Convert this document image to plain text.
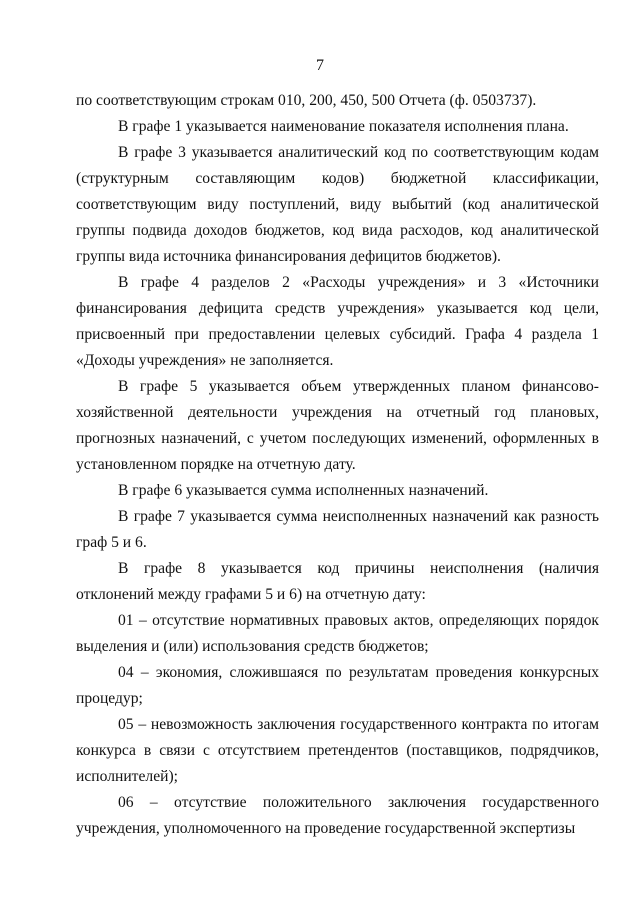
7

по соответствующим строкам 010, 200, 450, 500 Отчета (ф. 0503737).

В графе 1 указывается наименование показателя исполнения плана.

В графе 3 указывается аналитический код по соответствующим кодам (структурным составляющим кодов) бюджетной классификации, соответствующим виду поступлений, виду выбытий (код аналитической группы подвида доходов бюджетов, код вида расходов, код аналитической группы вида источника финансирования дефицитов бюджетов).

В графе 4 разделов 2 «Расходы учреждения» и 3 «Источники финансирования дефицита средств учреждения» указывается код цели, присвоенный при предоставлении целевых субсидий. Графа 4 раздела 1 «Доходы учреждения» не заполняется.

В графе 5 указывается объем утвержденных планом финансово-хозяйственной деятельности учреждения на отчетный год плановых, прогнозных назначений, с учетом последующих изменений, оформленных в установленном порядке на отчетную дату.

В графе 6 указывается сумма исполненных назначений.

В графе 7 указывается сумма неисполненных назначений как разность граф 5 и 6.

В графе 8 указывается код причины неисполнения (наличия отклонений между графами 5 и 6) на отчетную дату:

01 – отсутствие нормативных правовых актов, определяющих порядок выделения и (или) использования средств бюджетов;

04 – экономия, сложившаяся по результатам проведения конкурсных процедур;

05 – невозможность заключения государственного контракта по итогам конкурса в связи с отсутствием претендентов (поставщиков, подрядчиков, исполнителей);

06 – отсутствие положительного заключения государственного учреждения, уполномоченного на проведение государственной экспертизы
